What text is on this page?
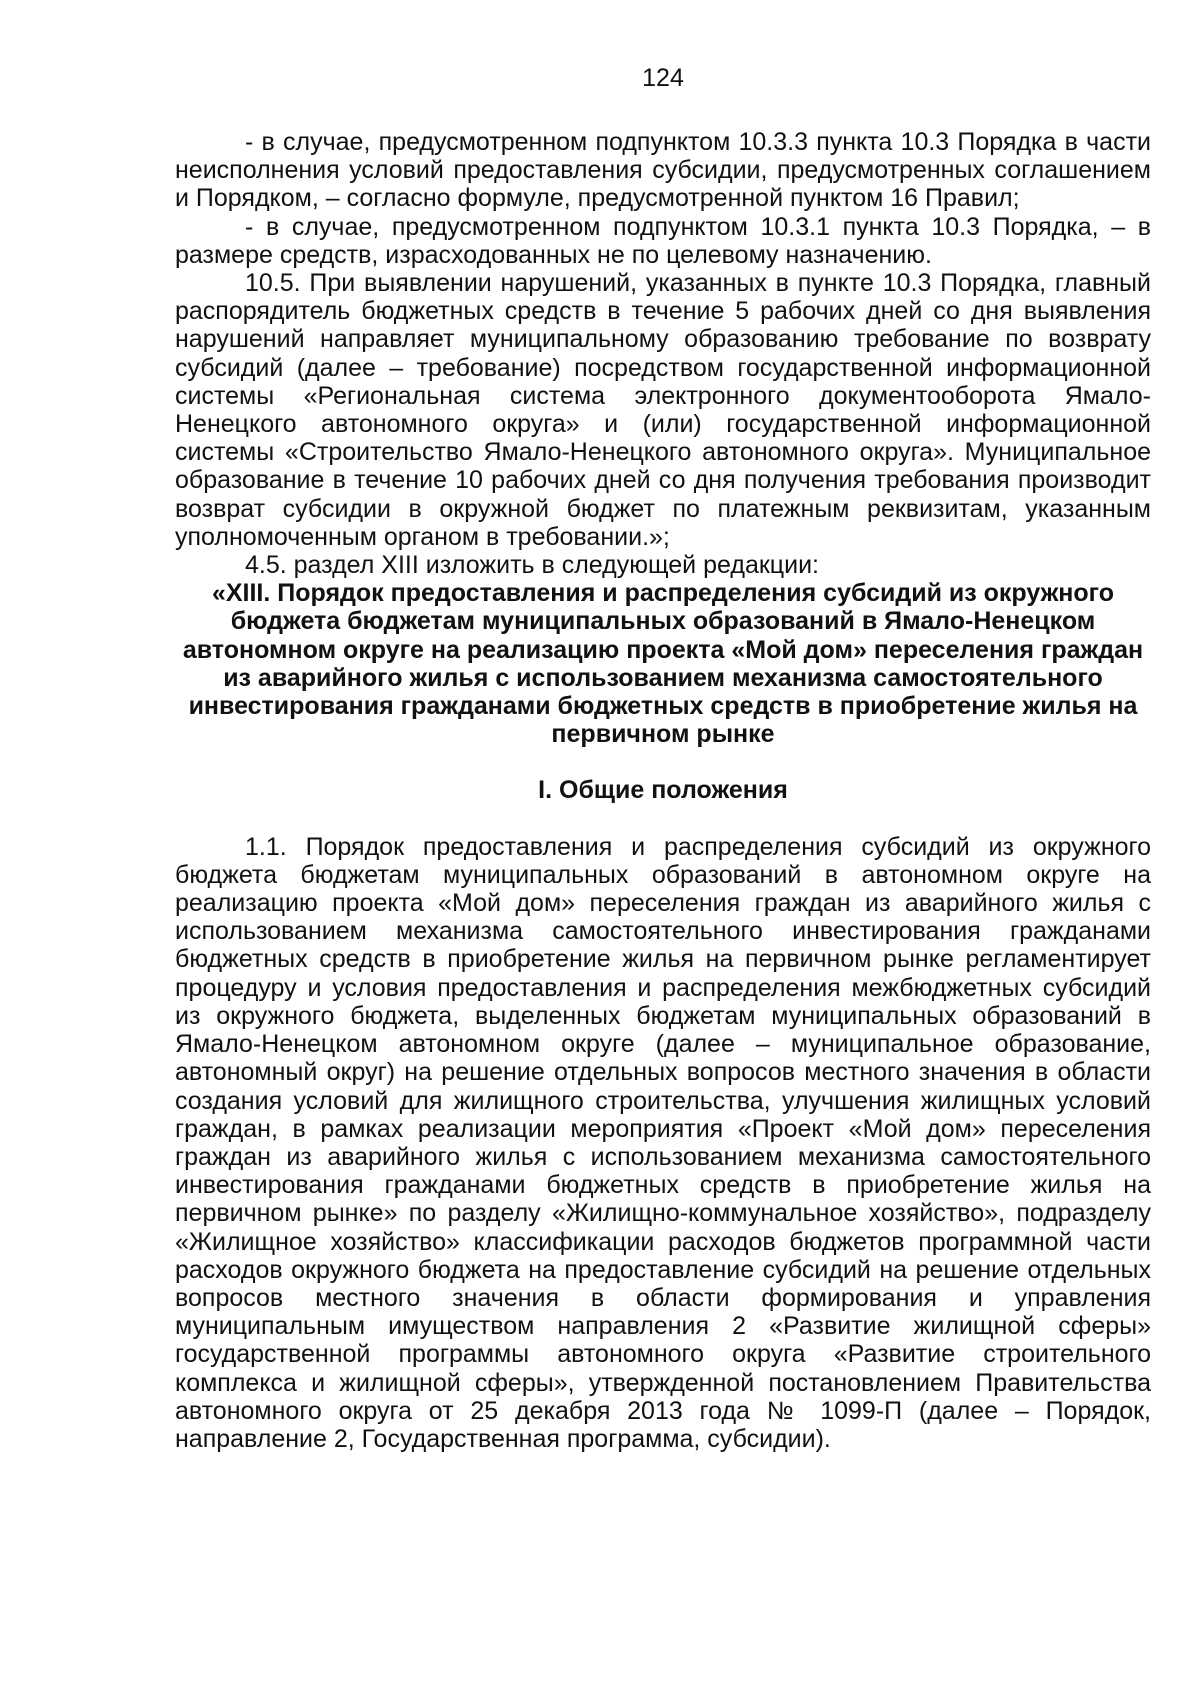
124

- в случае, предусмотренном подпунктом 10.3.3 пункта 10.3 Порядка в части неисполнения условий предоставления субсидии, предусмотренных соглашением и Порядком, – согласно формуле, предусмотренной пунктом 16 Правил;

- в случае, предусмотренном подпунктом 10.3.1 пункта 10.3 Порядка, – в размере средств, израсходованных не по целевому назначению.

10.5. При выявлении нарушений, указанных в пункте 10.3 Порядка, главный распорядитель бюджетных средств в течение 5 рабочих дней со дня выявления нарушений направляет муниципальному образованию требование по возврату субсидий (далее – требование) посредством государственной информационной системы «Региональная система электронного документооборота Ямало-Ненецкого автономного округа» и (или) государственной информационной системы «Строительство Ямало-Ненецкого автономного округа». Муниципальное образование в течение 10 рабочих дней со дня получения требования производит возврат субсидии в окружной бюджет по платежным реквизитам, указанным уполномоченным органом в требовании.»;

4.5. раздел XIII изложить в следующей редакции:

«XIII. Порядок предоставления и распределения субсидий из окружного бюджета бюджетам муниципальных образований в Ямало-Ненецком автономном округе на реализацию проекта «Мой дом» переселения граждан из аварийного жилья с использованием механизма самостоятельного инвестирования гражданами бюджетных средств в приобретение жилья на первичном рынке

I. Общие положения

1.1. Порядок предоставления и распределения субсидий из окружного бюджета бюджетам муниципальных образований в автономном округе на реализацию проекта «Мой дом» переселения граждан из аварийного жилья с использованием механизма самостоятельного инвестирования гражданами бюджетных средств в приобретение жилья на первичном рынке регламентирует процедуру и условия предоставления и распределения межбюджетных субсидий из окружного бюджета, выделенных бюджетам муниципальных образований в Ямало-Ненецком автономном округе (далее – муниципальное образование, автономный округ) на решение отдельных вопросов местного значения в области создания условий для жилищного строительства, улучшения жилищных условий граждан, в рамках реализации мероприятия «Проект «Мой дом» переселения граждан из аварийного жилья с использованием механизма самостоятельного инвестирования гражданами бюджетных средств в приобретение жилья на первичном рынке» по разделу «Жилищно-коммунальное хозяйство», подразделу «Жилищное хозяйство» классификации расходов бюджетов программной части расходов окружного бюджета на предоставление субсидий на решение отдельных вопросов местного значения в области формирования и управления муниципальным имуществом направления 2 «Развитие жилищной сферы» государственной программы автономного округа «Развитие строительного комплекса и жилищной сферы», утвержденной постановлением Правительства автономного округа от 25 декабря 2013 года № 1099-П (далее – Порядок, направление 2, Государственная программа, субсидии).
